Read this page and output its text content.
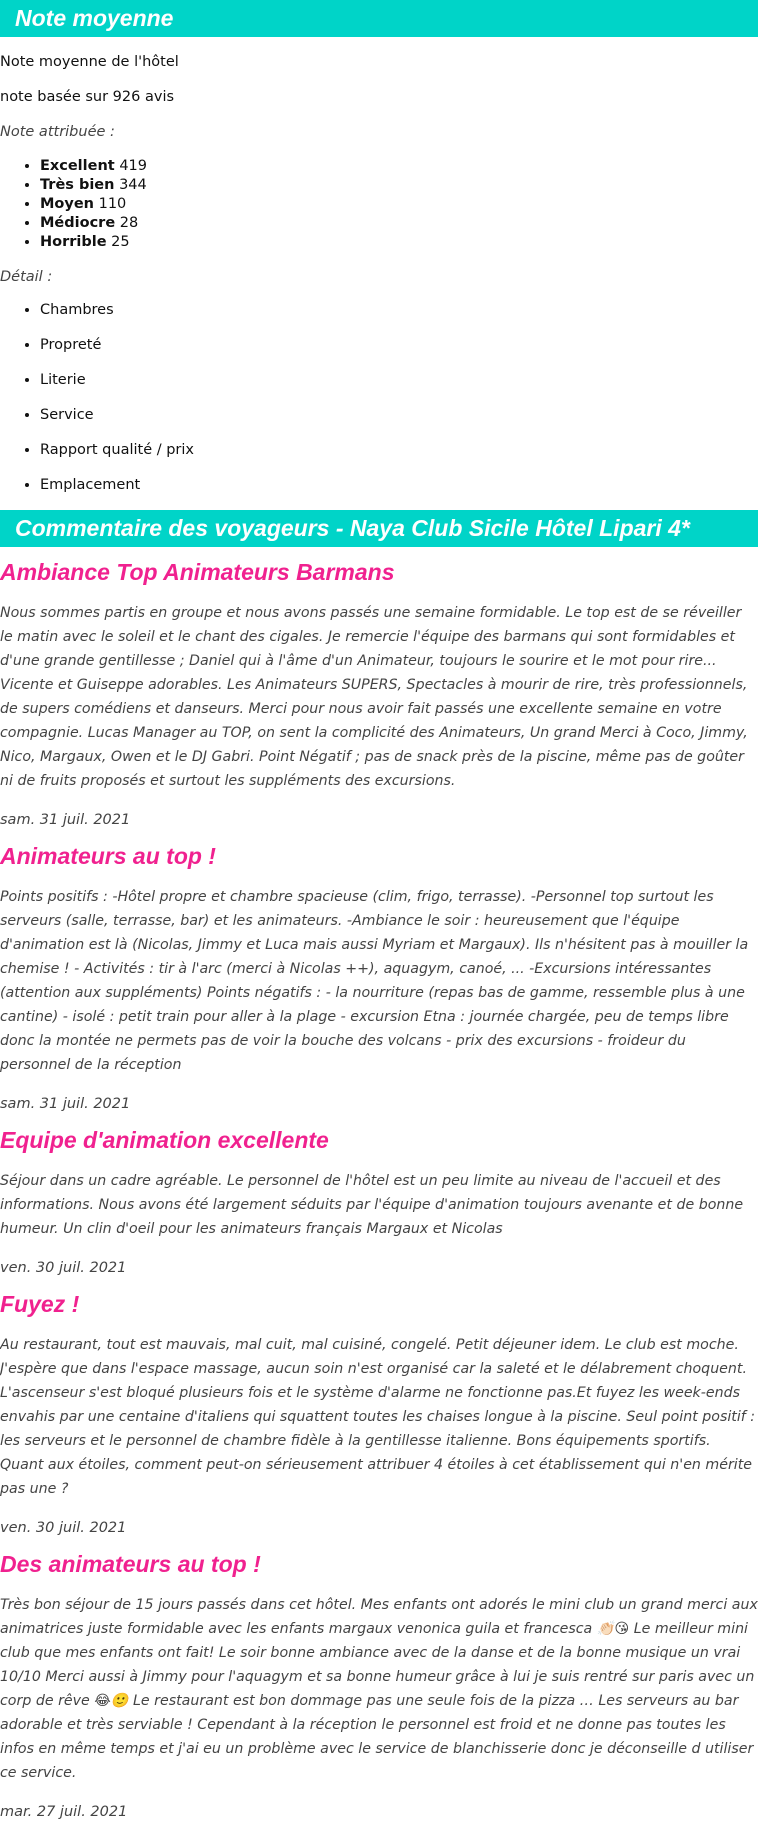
Note moyenne

Note moyenne de l'hôtel

note basée sur 926 avis

Note attribuée :

• Excellent 419
• Très bien 344
• Moyen 110
• Médiocre 28
• Horrible 25

Détail :

• Chambres
• Propreté
• Literie
• Service
• Rapport qualité / prix
• Emplacement
Commentaire des voyageurs - Naya Club Sicile Hôtel Lipari 4*
Ambiance Top Animateurs Barmans

Nous sommes partis en groupe et nous avons passés une semaine formidable. Le top est de se réveiller le matin avec le soleil et le chant des cigales. Je remercie l'équipe des barmans qui sont formidables et d'une grande gentillesse ; Daniel qui à l'âme d'un Animateur, toujours le sourire et le mot pour rire... Vicente et Guiseppe adorables. Les Animateurs SUPERS, Spectacles à mourir de rire, très professionnels, de supers comédiens et danseurs. Merci pour nous avoir fait passés une excellente semaine en votre compagnie. Lucas Manager au TOP, on sent la complicité des Animateurs, Un grand Merci à Coco, Jimmy, Nico, Margaux, Owen et le DJ Gabri. Point Négatif ; pas de snack près de la piscine, même pas de goûter ni de fruits proposés et surtout les suppléments des excursions.

sam. 31 juil. 2021

Animateurs au top !

Points positifs : -Hôtel propre et chambre spacieuse (clim, frigo, terrasse). -Personnel top surtout les serveurs (salle, terrasse, bar) et les animateurs. -Ambiance le soir : heureusement que l'équipe d'animation est là (Nicolas, Jimmy et Luca mais aussi Myriam et Margaux). Ils n'hésitent pas à mouiller la chemise ! - Activités : tir à l'arc (merci à Nicolas ++), aquagym, canoé, ... -Excursions intéressantes (attention aux suppléments) Points négatifs : - la nourriture (repas bas de gamme, ressemble plus à une cantine) - isolé : petit train pour aller à la plage - excursion Etna : journée chargée, peu de temps libre donc la montée ne permets pas de voir la bouche des volcans - prix des excursions - froideur du personnel de la réception

sam. 31 juil. 2021

Equipe d'animation excellente

Séjour dans un cadre agréable. Le personnel de l'hôtel est un peu limite au niveau de l'accueil et des informations. Nous avons été largement séduits par l'équipe d'animation toujours avenante et de bonne humeur. Un clin d'oeil pour les animateurs français Margaux et Nicolas

ven. 30 juil. 2021

Fuyez !

Au restaurant, tout est mauvais, mal cuit, mal cuisiné, congelé. Petit déjeuner idem. Le club est moche. J'espère que dans l'espace massage, aucun soin n'est organisé car la saleté et le délabrement choquent. L'ascenseur s'est bloqué plusieurs fois et le système d'alarme ne fonctionne pas.Et fuyez les week-ends envahis par une centaine d'italiens qui squattent toutes les chaises longue à la piscine. Seul point positif : les serveurs et le personnel de chambre fidèle à la gentillesse italienne. Bons équipements sportifs. Quant aux étoiles, comment peut-on sérieusement attribuer 4 étoiles à cet établissement qui n'en mérite pas une ?

ven. 30 juil. 2021

Des animateurs au top !

Très bon séjour de 15 jours passés dans cet hôtel. Mes enfants ont adorés le mini club un grand merci aux animatrices juste formidable avec les enfants margaux venonica guila et francesca 👏🏻😘 Le meilleur mini club que mes enfants ont fait! Le soir bonne ambiance avec de la danse et de la bonne musique un vrai 10/10 Merci aussi à Jimmy pour l'aquagym et sa bonne humeur grâce à lui je suis rentré sur paris avec un corp de rêve 😂🙂 Le restaurant est bon dommage pas une seule fois de la pizza … Les serveurs au bar adorable et très serviable ! Cependant à la réception le personnel est froid et ne donne pas toutes les infos en même temps et j'ai eu un problème avec le service de blanchisserie donc je déconseille d utiliser ce service.

mar. 27 juil. 2021
